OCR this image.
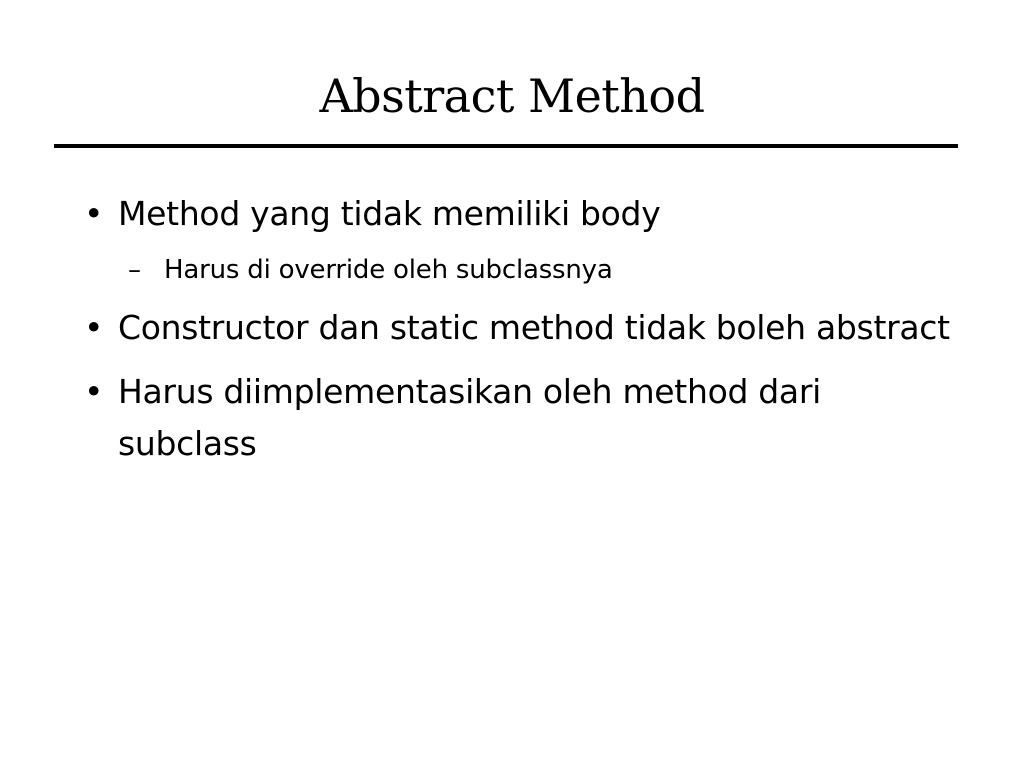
Abstract Method
• Method yang tidak memiliki body
– Harus di override oleh subclassnya
• Constructor dan static method tidak boleh abstract
• Harus diimplementasikan oleh method dari subclass
